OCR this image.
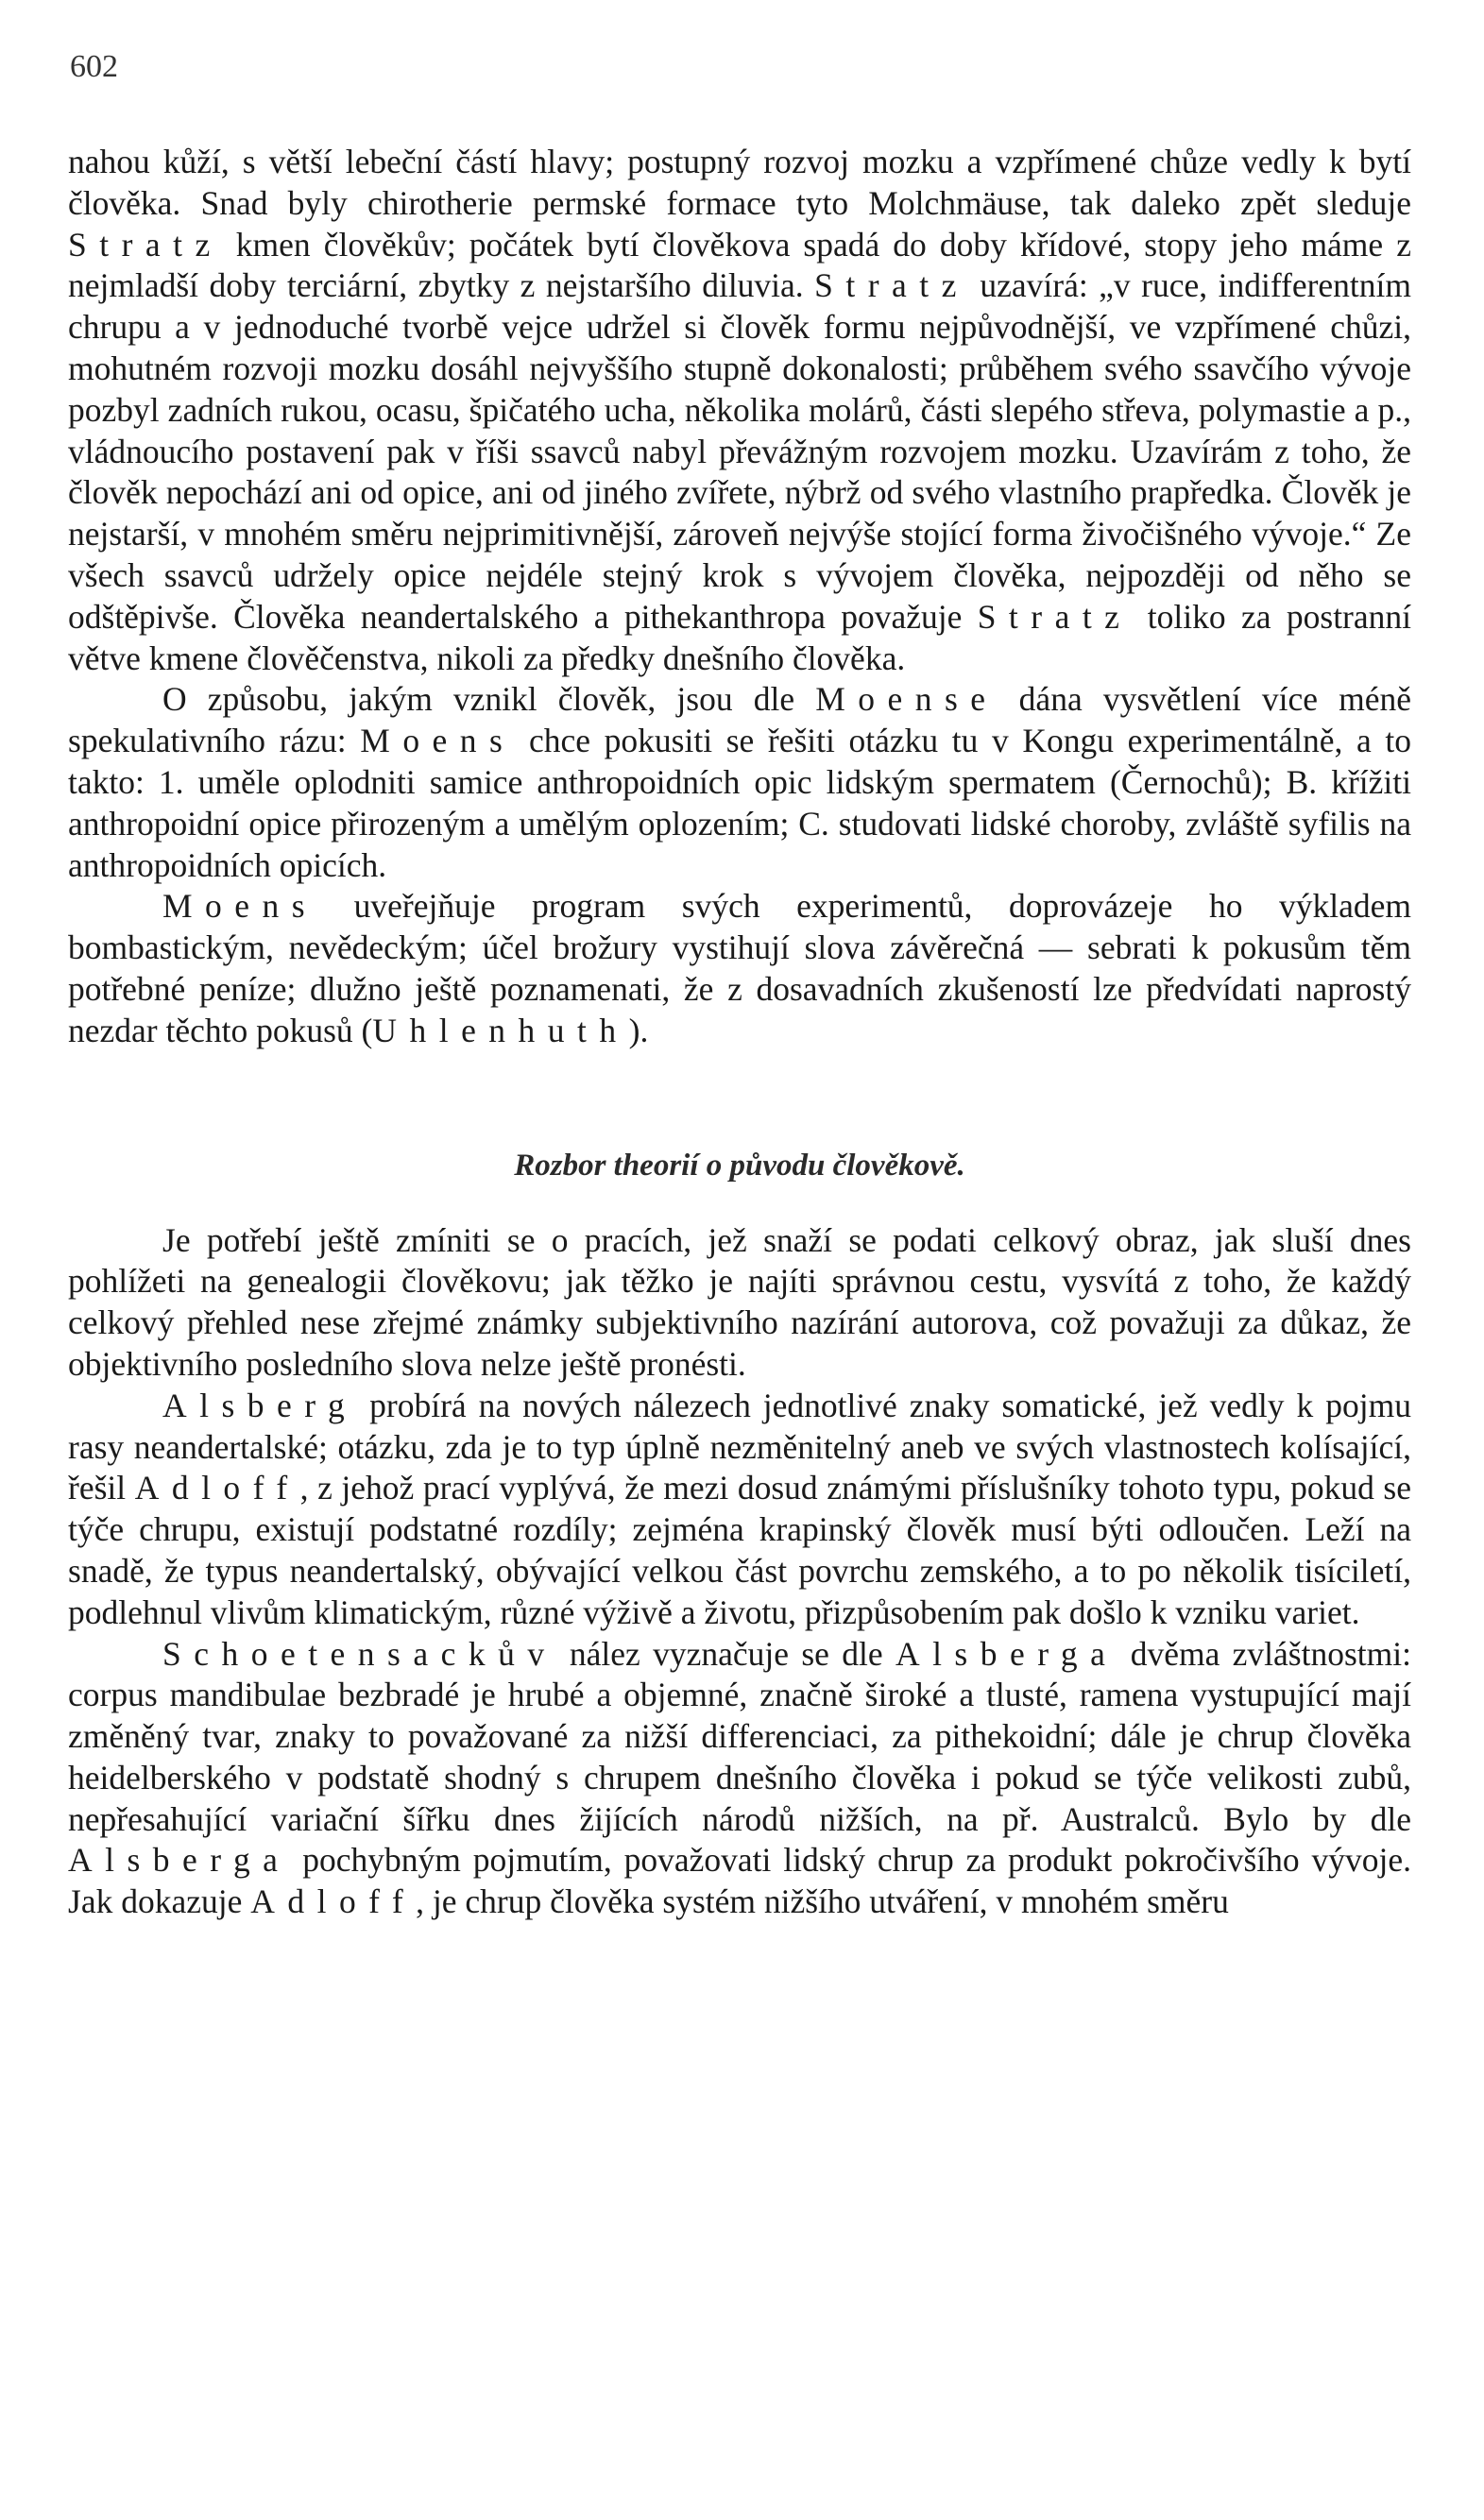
602

nahou kůží, s větší lebeční částí hlavy; postupný rozvoj mozku a vzpřímené chůze vedly k bytí člověka. Snad byly chirotherie permské formace tyto Molchmäuse, tak daleko zpět sleduje Stratz kmen člověkův; počátek bytí člověkova spadá do doby křídové, stopy jeho máme z nejmladší doby terciární, zbytky z nejstaršího diluvia. Stratz uzavírá: „v ruce, indifferentním chrupu a v jednoduché tvorbě vejce udržel si člověk formu nejpůvodnější, ve vzpřímené chůzi, mohutném rozvoji mozku dosáhl nejvyššího stupně dokonalosti; průběhem svého ssavčího vývoje pozbyl zadních rukou, ocasu, špičatého ucha, několika molárů, části slepého střeva, polymastie a p., vládnoucího postavení pak v říši ssavců nabyl převážným rozvojem mozku. Uzavírám z toho, že člověk nepochází ani od opice, ani od jiného zvířete, nýbrž od svého vlastního prapředka. Člověk je nejstarší, v mnohém směru nejprimitivnější, zároveň nejvýše stojící forma živočišného vývoje.“ Ze všech ssavců udržely opice nejdéle stejný krok s vývojem člověka, nejpozději od něho se odštěpivše. Člověka neandertalského a pithekanthropa považuje Stratz toliko za postranní větve kmene člověčenstva, nikoli za předky dnešního člověka.

O způsobu, jakým vznikl člověk, jsou dle Moense dána vysvětlení více méně spekulativního rázu: Moens chce pokusiti se řešiti otázku tu v Kongu experimentálně, a to takto: 1. uměle oplodniti samice anthropoidních opic lidským spermatem (Černochů); B. křížiti anthropoidní opice přirozeným a umělým oplozením; C. studovati lidské choroby, zvláště syfilis na anthropoidních opicích.

Moens uveřejňuje program svých experimentů, doprovázeje ho výkladem bombastickým, nevědeckým; účel brožury vystihují slova závěrečná — sebrati k pokusům těm potřebné peníze; dlužno ještě poznamenati, že z dosavadních zkušeností lze předvídati naprostý nezdar těchto pokusů (Uhlenhuth).

Rozbor theorií o původu člověkově.

Je potřebí ještě zmíniti se o pracích, jež snaží se podati celkový obraz, jak sluší dnes pohlížeti na genealogii člověkovu; jak těžko je najíti správnou cestu, vysvítá z toho, že každý celkový přehled nese zřejmé známky subjektivního nazírání autorova, což považuji za důkaz, že objektivního posledního slova nelze ještě pronésti.

Alsberg probírá na nových nálezech jednotlivé znaky somatické, jež vedly k pojmu rasy neandertalské; otázku, zda je to typ úplně nezměnitelný aneb ve svých vlastnostech kolísající, řešil Adloff, z jehož prací vyplývá, že mezi dosud známými příslušníky tohoto typu, pokud se týče chrupu, existují podstatné rozdíly; zejména krapinský člověk musí býti odloučen. Leží na snadě, že typus neandertalský, obývající velkou část povrchu zemského, a to po několik tisíciletí, podlehnul vlivům klimatickým, různé výživě a životu, přizpůsobením pak došlo k vzniku variet.

Schoetensackův nález vyznačuje se dle Alsberga dvěma zvláštnostmi: corpus mandibulae bezbradé je hrubé a objemné, značně široké a tlusté, ramena vystupující mají změněný tvar, znaky to považované za nižší differenciaci, za pithekoidní; dále je chrup člověka heidelberského v podstatě shodný s chrupem dnešního člověka i pokud se týče velikosti zubů, nepřesahující variační šířku dnes žijících národů nižších, na př. Australců. Bylo by dle Alsberga pochybným pojmutím, považovati lidský chrup za produkt pokročivšího vývoje. Jak dokazuje Adloff, je chrup člověka systém nižšího utváření, v mnohém směru
